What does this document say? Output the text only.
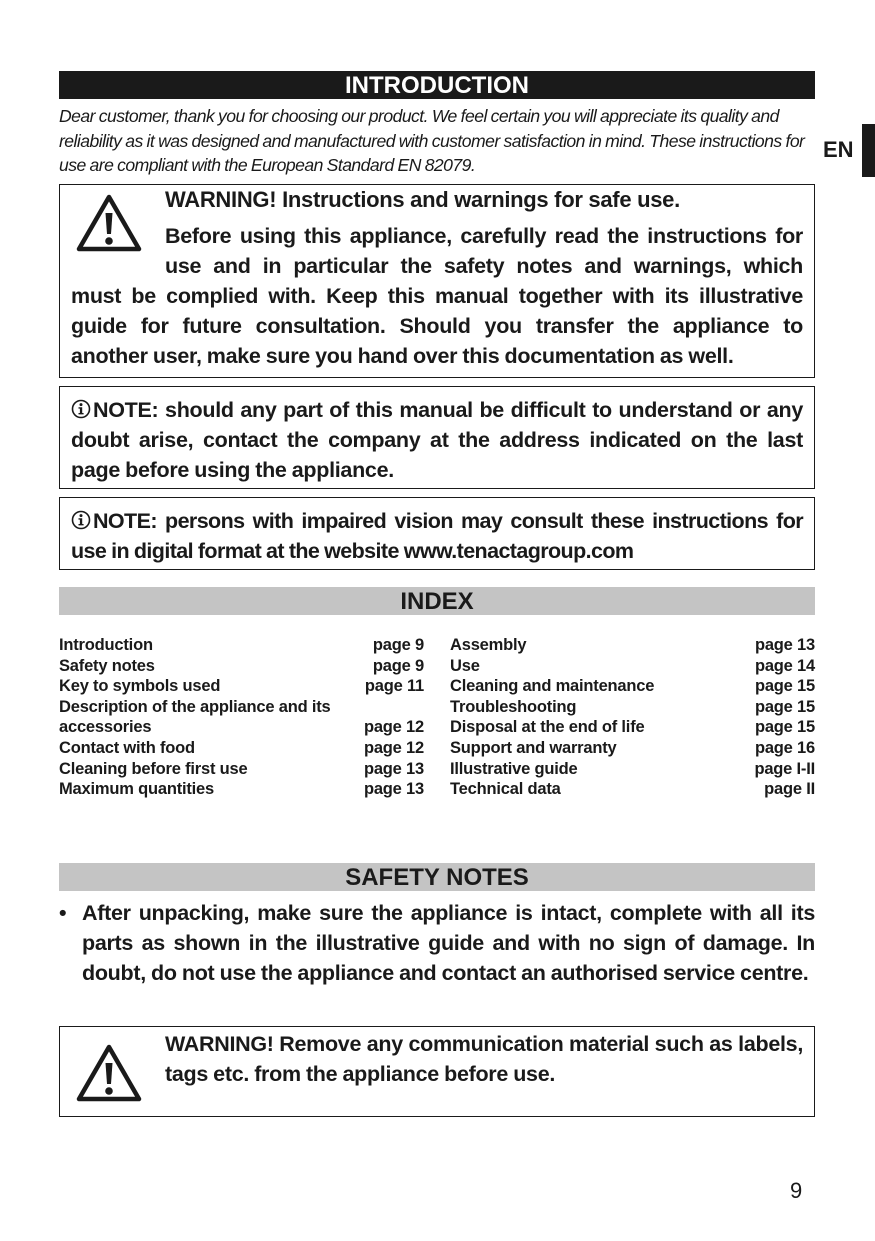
INTRODUCTION
Dear customer, thank you for choosing our product. We feel certain you will appreciate its quality and reliability as it was designed and manufactured with customer satisfaction in mind. These instructions for use are compliant with the European Standard EN 82079.
EN
WARNING! Instructions and warnings for safe use.
Before using this appliance, carefully read the instructions for use and in particular the safety notes and warnings, which
must be complied with. Keep this manual together with its illustrative guide for future consultation. Should you transfer the appliance to another user, make sure you hand over this documentation as well.

NOTE: should any part of this manual be difficult to understand or any doubt arise, contact the company at the address indicated on the last page before using the appliance.

NOTE: persons with impaired vision may consult these instructions for use in digital format at the website www.tenactagroup.com

INDEX
Introduction	page 9
Safety notes	page 9
Key to symbols used	page 11
Description of the appliance and its
accessories	page 12
Contact with food	page 12
Cleaning before first use	page 13
Maximum quantities	page 13
Assembly	page 13
Use	page 14
Cleaning and maintenance	page 15
Troubleshooting	page 15
Disposal at the end of life	page 15
Support and warranty	page 16
Illustrative guide	page I-II
Technical data	page II
SAFETY NOTES
• After unpacking, make sure the appliance is intact, complete with all its parts as shown in the illustrative guide and with no sign of damage. In doubt, do not use the appliance and contact an authorised service centre.
WARNING! Remove any communication material such as labels, tags etc. from the appliance before use.
9
